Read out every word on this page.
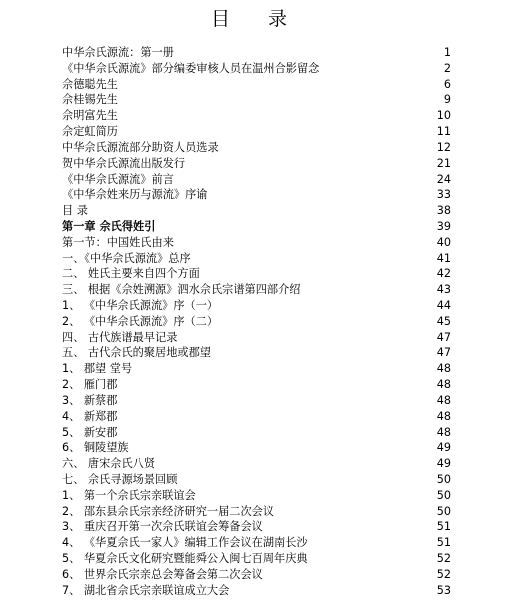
目 录
中华佘氏源流：第一册	1
《中华佘氏源流》部分编委审核人员在温州合影留念	2
佘德聪先生	6
佘桂锡先生	9
佘明富先生	10
佘定虹简历	11
中华佘氏源流部分助资人员选录	12
贺中华佘氏源流出版发行	21
《中华佘氏源流》前言	24
《中华佘姓来历与源流》序谕	33
目 录	38
第一章 佘氏得姓引	39
第一节：中国姓氏由来	40
一、《中华佘氏源流》总序	41
二、 姓氏主要来自四个方面	42
三、 根据《佘姓溯源》泗水佘氏宗谱第四部介绍	43
1、 《中华佘氏源流》序（一）	44
2、 《中华佘氏源流》序（二）	45
四、 古代族谱最早记录	47
五、 古代佘氏的聚居地或郡望	47
1、 郡望 堂号	48
2、 雁门郡	48
3、 新蔡郡	48
4、 新郑郡	48
5、 新安郡	48
6、 铜陵望族	49
六、 唐宋佘氏八贤	49
七、 佘氏寻源场景回顾	50
1、 第一个佘氏宗亲联谊会	50
2、 邵东县佘氏宗亲经济研究一届二次会议	50
3、 重庆召开第一次佘氏联谊会筹备会议	51
4、 《华夏佘氏一家人》编辑工作会议在湖南长沙	51
5、 华夏佘氏文化研究暨能舜公入闽七百周年庆典	52
6、 世界佘氏宗亲总会筹备会第二次会议	52
7、 湖北省佘氏宗亲联谊成立大会	53
